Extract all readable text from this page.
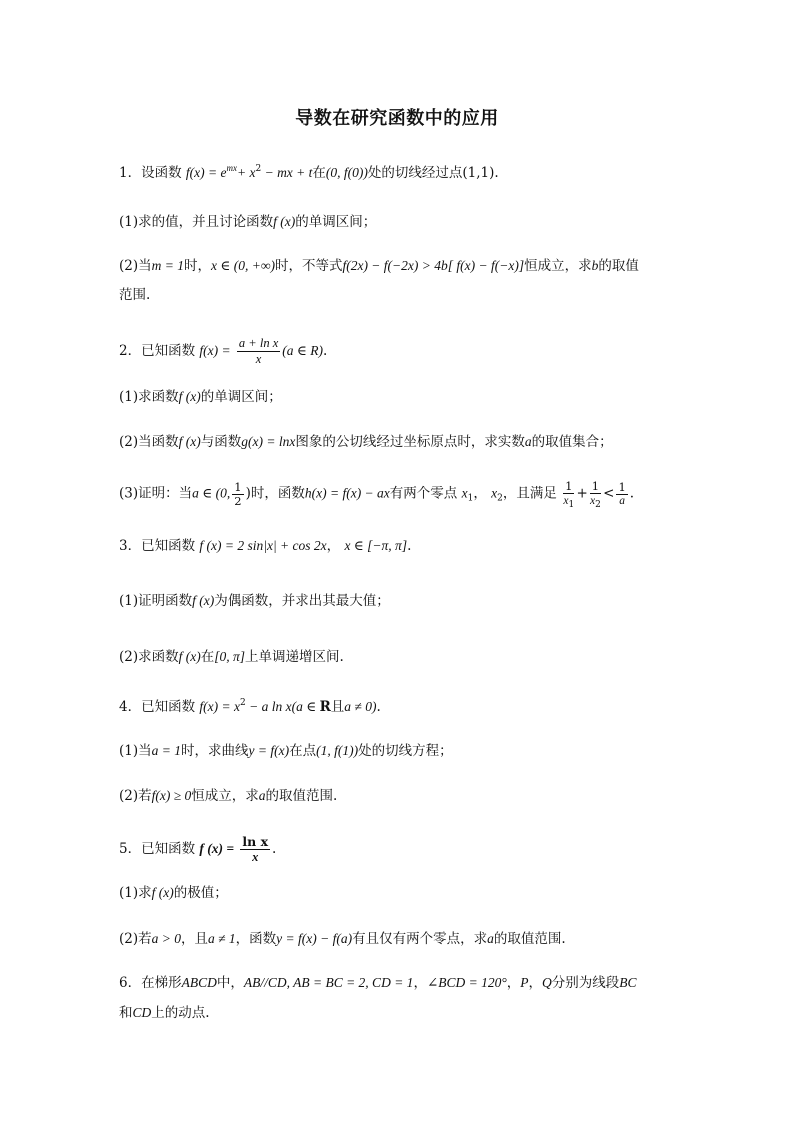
导数在研究函数中的应用
1．设函数 $f(x) = e^{mx}+ x^2$ − mx + t在(0, f(0))处的切线经过点(1,1).
(1)求的值，并且讨论函数f (x)的单调区间；
(2)当m = 1时，x ∈ (0, +∞)时，不等式f(2x) − f(−2x) > 4b[ f(x) − f(−x)]恒成立，求b的取值
范围.
2．已知函数 $f(x) = \frac{\text{a + ln x}}{x} (a$ ∈ R).
(1)求函数f (x)的单调区间；
(2)当函数f (x)与函数g(x) = lnx图象的公切线经过坐标原点时，求实数a的取值集合；
(3)证明：当a ∈ (0, $\frac{1}{2}$ )时，函数h(x) = f(x) − ax有两个零点 $x_1$， $x_2$，且满足 $\frac{1}{x_1} + \frac{1}{x_2} < \frac{1}{a}$ .
3．已知函数 f (x) = 2 sin|x| + cos 2x， x ∈ [−π, π].
(1)证明函数f (x)为偶函数，并求出其最大值；
(2)求函数f (x)在[0, π]上单调递增区间.
4．已知函数 $f(x) = x^2 - a$ ln x(a ∈ R且a ≠ 0).
(1)当a = 1时，求曲线y = f(x)在点(1, f(1))处的切线方程；
(2)若f(x) ≥ 0恒成立，求a的取值范围.
5．已知函数 f $(x) = \frac{\text{ln x}}{x}$ .
(1)求f (x)的极值；
(2)若a > 0，且a ≠ 1，函数y = f(x) − f(a)有且仅有两个零点，求a的取值范围.
6．在梯形ABCD中，AB//CD, AB = BC = 2, CD = 1，∠BCD = 120°，P，Q分别为线段BC
和CD上的动点.
